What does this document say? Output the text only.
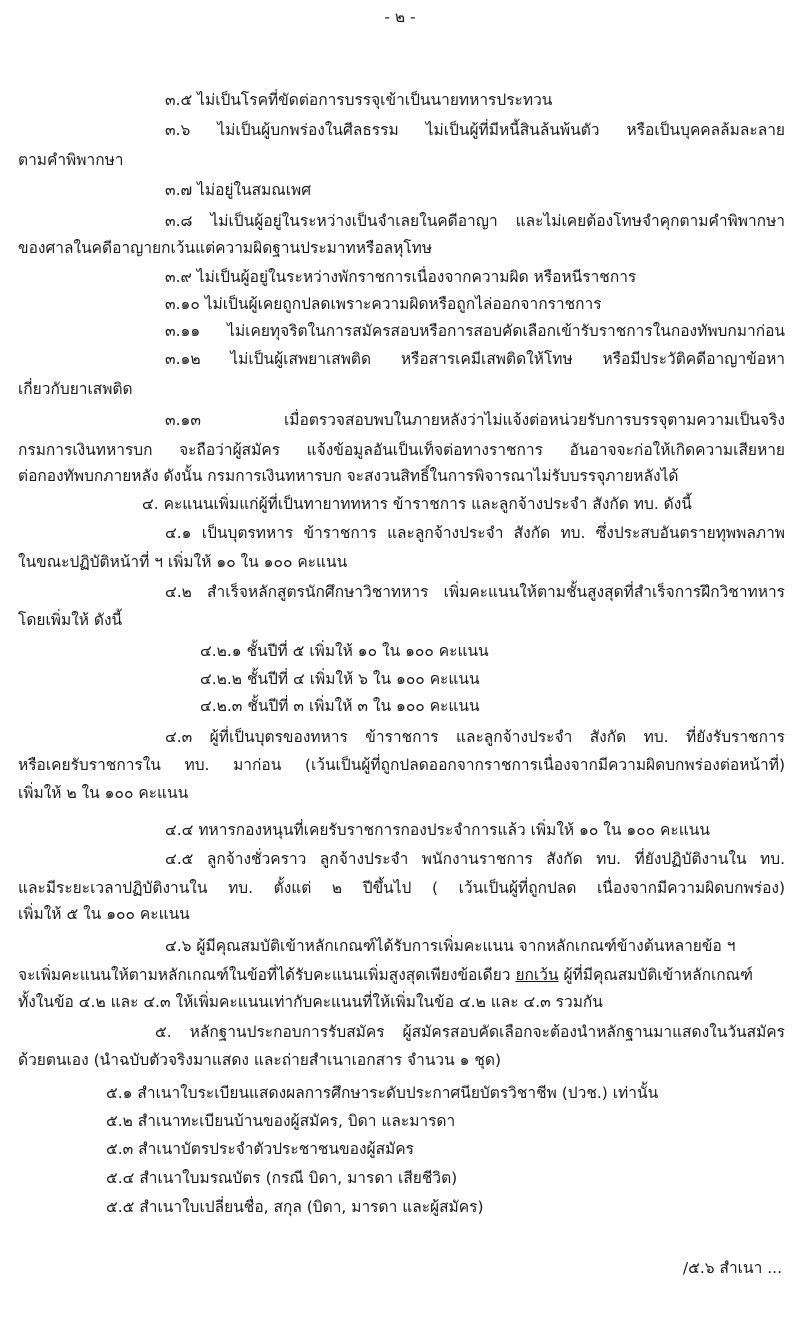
- ๒ -
๓.๕ ไม่เป็นโรคที่ขัดต่อการบรรจุเข้าเป็นนายทหารประทวน
๓.๖ ไม่เป็นผู้บกพร่องในศีลธรรม ไม่เป็นผู้ที่มีหนี้สินล้นพ้นตัว หรือเป็นบุคคลล้มละลาย
ตามคำพิพากษา
๓.๗ ไม่อยู่ในสมณเพศ
๓.๘ ไม่เป็นผู้อยู่ในระหว่างเป็นจำเลยในคดีอาญา และไม่เคยต้องโทษจำคุกตามคำพิพากษา
ของศาลในคดีอาญายกเว้นแต่ความผิดฐานประมาทหรือลหุโทษ
๓.๙ ไม่เป็นผู้อยู่ในระหว่างพักราชการเนื่องจากความผิด หรือหนีราชการ
๓.๑๐ ไม่เป็นผู้เคยถูกปลดเพราะความผิดหรือถูกไล่ออกจากราชการ
๓.๑๑ ไม่เคยทุจริตในการสมัครสอบหรือการสอบคัดเลือกเข้ารับราชการในกองทัพบกมาก่อน
๓.๑๒ ไม่เป็นผู้เสพยาเสพติด หรือสารเคมีเสพติดให้โทษ หรือมีประวัติคดีอาญาข้อหา
เกี่ยวกับยาเสพติด
๓.๑๓ เมื่อตรวจสอบพบในภายหลังว่าไม่แจ้งต่อหน่วยรับการบรรจุตามความเป็นจริง
กรมการเงินทหารบก จะถือว่าผู้สมัคร แจ้งข้อมูลอันเป็นเท็จต่อทางราชการ อันอาจจะก่อให้เกิดความเสียหาย
ต่อกองทัพบกภายหลัง ดังนั้น กรมการเงินทหารบก จะสงวนสิทธิ์ในการพิจารณาไม่รับบรรจุภายหลังได้
๔. คะแนนเพิ่มแก่ผู้ที่เป็นทายาททหาร ข้าราชการ และลูกจ้างประจำ สังกัด ทบ. ดังนี้
๔.๑ เป็นบุตรทหาร ข้าราชการ และลูกจ้างประจำ สังกัด ทบ. ซึ่งประสบอันตรายทุพพลภาพ
ในขณะปฏิบัติหน้าที่ ฯ เพิ่มให้ ๑๐ ใน ๑๐๐ คะแนน
๔.๒ สำเร็จหลักสูตรนักศึกษาวิชาทหาร เพิ่มคะแนนให้ตามชั้นสูงสุดที่สำเร็จการฝึกวิชาทหาร
โดยเพิ่มให้ ดังนี้
๔.๒.๑ ชั้นปีที่ ๕ เพิ่มให้ ๑๐ ใน ๑๐๐ คะแนน
๔.๒.๒ ชั้นปีที่ ๔ เพิ่มให้ ๖ ใน ๑๐๐ คะแนน
๔.๒.๓ ชั้นปีที่ ๓ เพิ่มให้ ๓ ใน ๑๐๐ คะแนน
๔.๓ ผู้ที่เป็นบุตรของทหาร ข้าราชการ และลูกจ้างประจำ สังกัด ทบ. ที่ยังรับราชการ
หรือเคยรับราชการใน ทบ. มาก่อน (เว้นเป็นผู้ที่ถูกปลดออกจากราชการเนื่องจากมีความผิดบกพร่องต่อหน้าที่)
เพิ่มให้ ๒ ใน ๑๐๐ คะแนน
๔.๔ ทหารกองหนุนที่เคยรับราชการกองประจำการแล้ว เพิ่มให้ ๑๐ ใน ๑๐๐ คะแนน
๔.๕ ลูกจ้างชั่วคราว ลูกจ้างประจำ พนักงานราชการ สังกัด ทบ. ที่ยังปฏิบัติงานใน ทบ.
และมีระยะเวลาปฏิบัติงานใน ทบ. ตั้งแต่ ๒ ปีขึ้นไป ( เว้นเป็นผู้ที่ถูกปลด เนื่องจากมีความผิดบกพร่อง)
เพิ่มให้ ๕ ใน ๑๐๐ คะแนน
๔.๖ ผู้มีคุณสมบัติเข้าหลักเกณฑ์ได้รับการเพิ่มคะแนน จากหลักเกณฑ์ข้างต้นหลายข้อ ฯ
จะเพิ่มคะแนนให้ตามหลักเกณฑ์ในข้อที่ได้รับคะแนนเพิ่มสูงสุดเพียงข้อเดียว ยกเว้น ผู้ที่มีคุณสมบัติเข้าหลักเกณฑ์
ทั้งในข้อ ๔.๒ และ ๔.๓ ให้เพิ่มคะแนนเท่ากับคะแนนที่ให้เพิ่มในข้อ ๔.๒ และ ๔.๓ รวมกัน
๕. หลักฐานประกอบการรับสมัคร ผู้สมัครสอบคัดเลือกจะต้องนำหลักฐานมาแสดงในวันสมัคร
ด้วยตนเอง (นำฉบับตัวจริงมาแสดง และถ่ายสำเนาเอกสาร จำนวน ๑ ชุด)
๕.๑ สำเนาใบระเบียนแสดงผลการศึกษาระดับประกาศนียบัตรวิชาชีพ (ปวช.) เท่านั้น
๕.๒ สำเนาทะเบียนบ้านของผู้สมัคร, บิดา และมารดา
๕.๓ สำเนาบัตรประจำตัวประชาชนของผู้สมัคร
๕.๔ สำเนาใบมรณบัตร (กรณี บิดา, มารดา เสียชีวิต)
๕.๕ สำเนาใบเปลี่ยนชื่อ, สกุล (บิดา, มารดา และผู้สมัคร)
/๕.๖ สำเนา ...
